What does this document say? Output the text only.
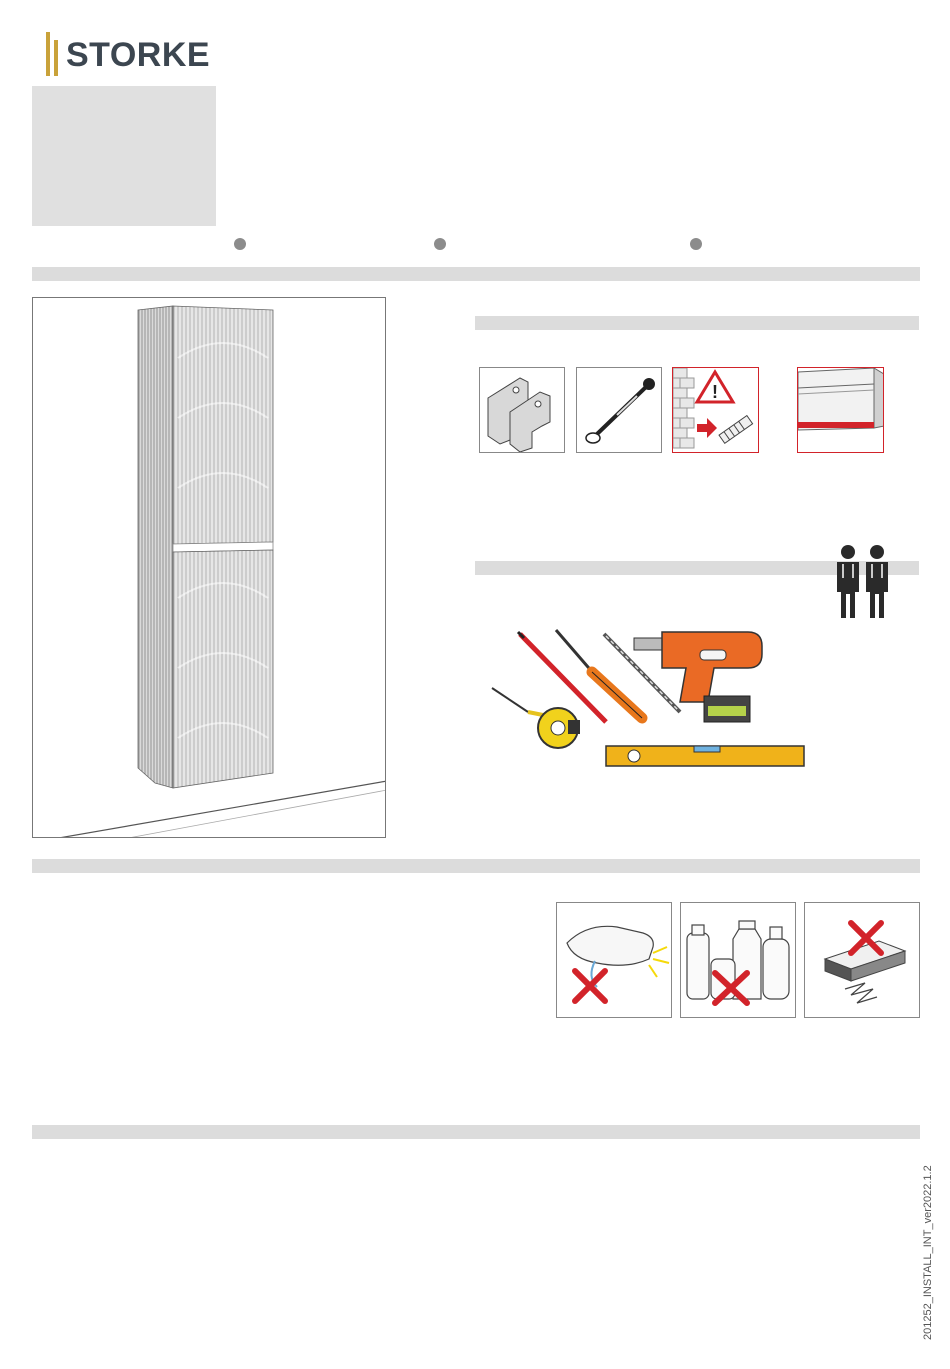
STORKE
!
201252_INSTALL_INT_ver2022.1.2
